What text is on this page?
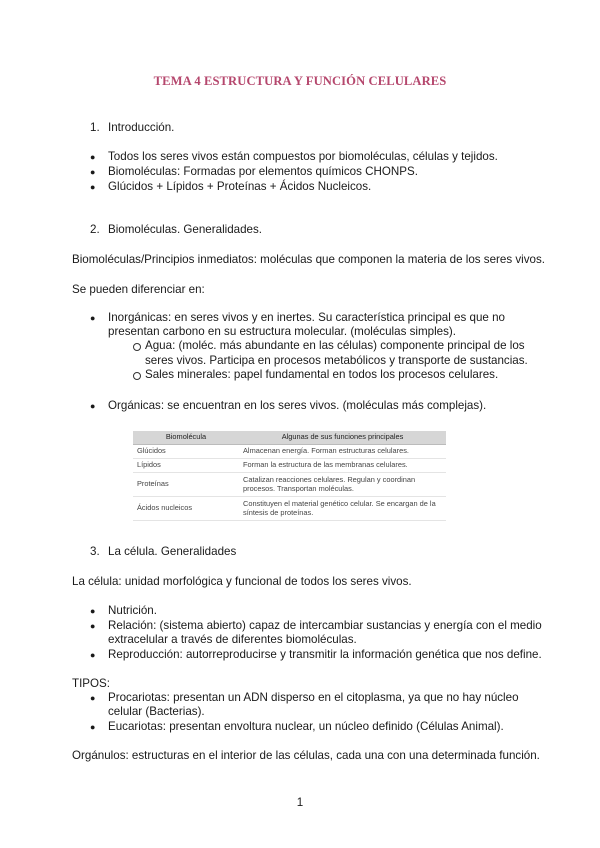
TEMA 4 ESTRUCTURA Y FUNCIÓN CELULARES
1. Introducción.
● Todos los seres vivos están compuestos por biomoléculas, células y tejidos.
● Biomoléculas: Formadas por elementos químicos CHONPS.
● Glúcidos + Lípidos + Proteínas + Ácidos Nucleicos.
2. Biomoléculas. Generalidades.
Biomoléculas/Principios inmediatos: moléculas que componen la materia de los seres vivos.
Se pueden diferenciar en:
● Inorgánicas: en seres vivos y en inertes. Su característica principal es que no
presentan carbono en su estructura molecular. (moléculas simples).
Agua: (moléc. más abundante en las células) componente principal de los
seres vivos. Participa en procesos metabólicos y transporte de sustancias.
Sales minerales: papel fundamental en todos los procesos celulares.
● Orgánicas: se encuentran en los seres vivos. (moléculas más complejas).
Biomolécula	Algunas de sus funciones principales
Glúcidos	Almacenan energía. Forman estructuras celulares.
Lípidos	Forman la estructura de las membranas celulares.
Proteínas	Catalizan reacciones celulares. Regulan y coordinan procesos. Transportan moléculas.
Ácidos nucleicos	Constituyen el material genético celular. Se encargan de la síntesis de proteínas.
3. La célula. Generalidades
La célula: unidad morfológica y funcional de todos los seres vivos.
● Nutrición.
● Relación: (sistema abierto) capaz de intercambiar sustancias y energía con el medio
extracelular a través de diferentes biomoléculas.
● Reproducción: autorreproducirse y transmitir la información genética que nos define.
TIPOS:
● Procariotas: presentan un ADN disperso en el citoplasma, ya que no hay núcleo
celular (Bacterias).
● Eucariotas: presentan envoltura nuclear, un núcleo definido (Células Animal).
Orgánulos: estructuras en el interior de las células, cada una con una determinada función.
1
